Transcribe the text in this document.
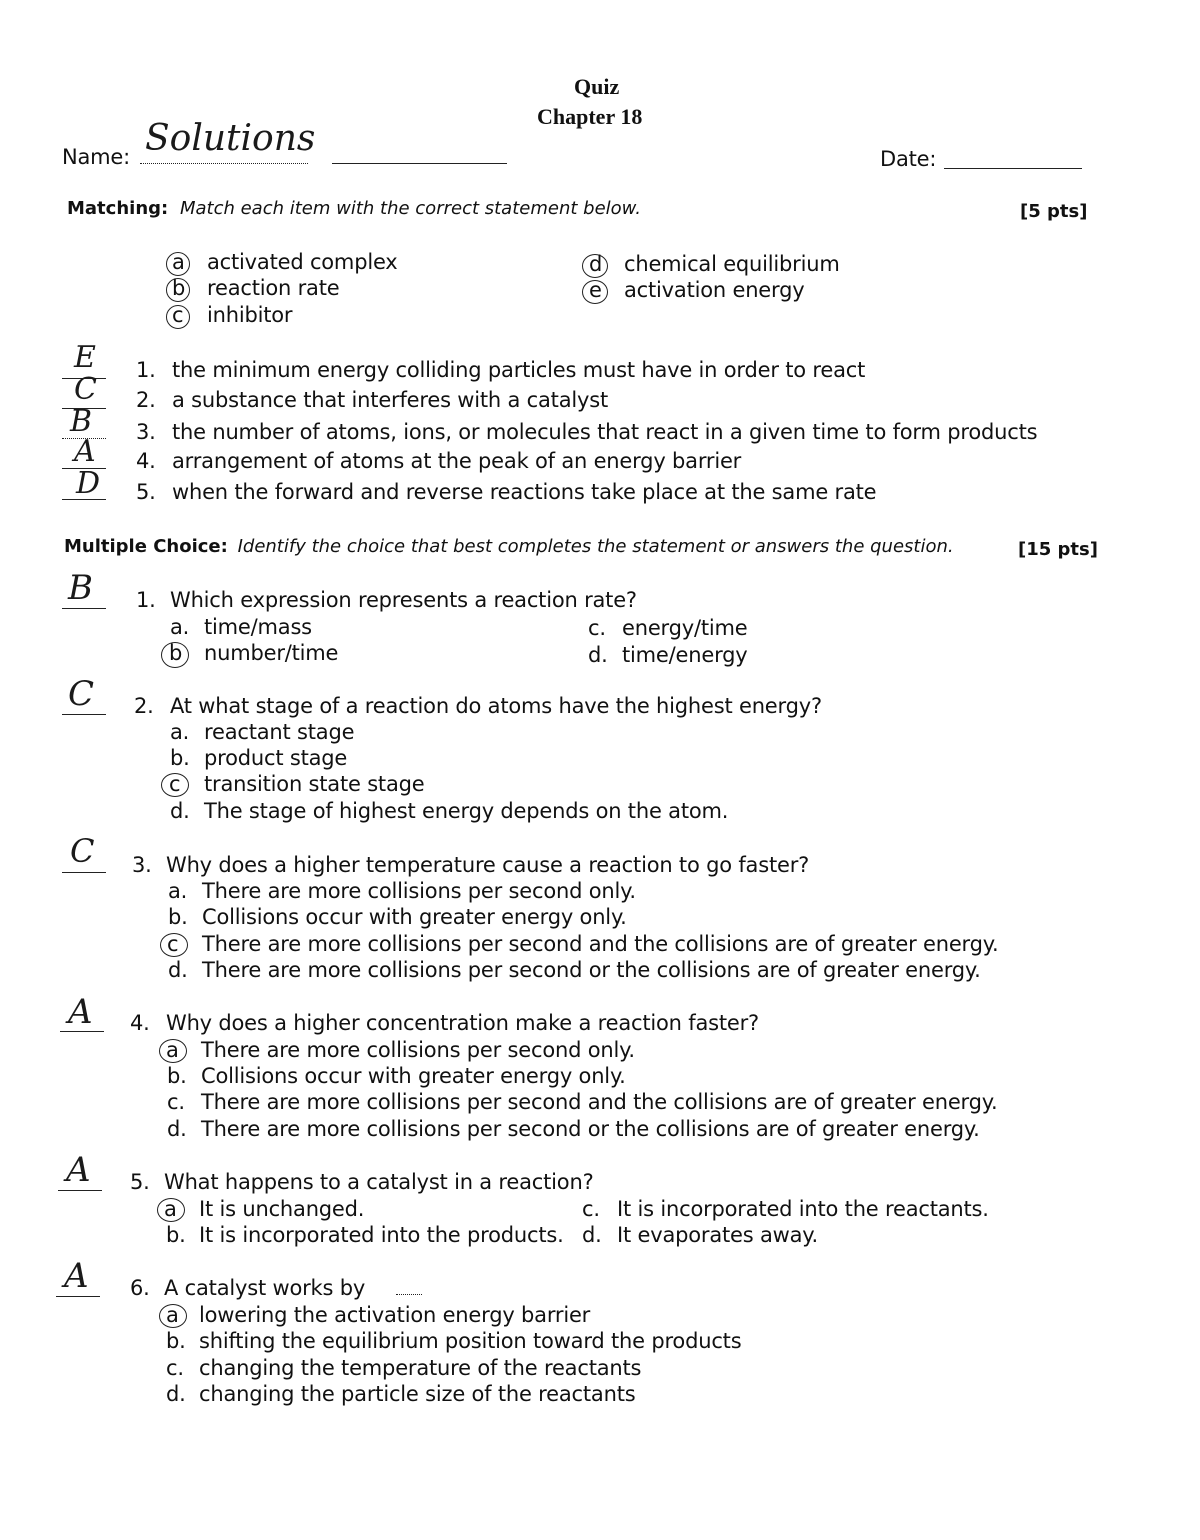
Quiz
Chapter 18
Name: Solutions	Date:
Matching: Match each item with the correct statement below.	[5 pts]
a activated complex
b reaction rate
c inhibitor
d chemical equilibrium
e activation energy
E 1. the minimum energy colliding particles must have in order to react
C 2. a substance that interferes with a catalyst
B 3. the number of atoms, ions, or molecules that react in a given time to form products
A 4. arrangement of atoms at the peak of an energy barrier
D 5. when the forward and reverse reactions take place at the same rate
Multiple Choice: Identify the choice that best completes the statement or answers the question.	[15 pts]
B 1. Which expression represents a reaction rate?
a. time/mass
b number/time
c. energy/time
d. time/energy
C 2. At what stage of a reaction do atoms have the highest energy?
a. reactant stage
b. product stage
c transition state stage
d. The stage of highest energy depends on the atom.
C 3. Why does a higher temperature cause a reaction to go faster?
a. There are more collisions per second only.
b. Collisions occur with greater energy only.
c There are more collisions per second and the collisions are of greater energy.
d. There are more collisions per second or the collisions are of greater energy.
A 4. Why does a higher concentration make a reaction faster?
a There are more collisions per second only.
b. Collisions occur with greater energy only.
c. There are more collisions per second and the collisions are of greater energy.
d. There are more collisions per second or the collisions are of greater energy.
A 5. What happens to a catalyst in a reaction?
a It is unchanged.
b. It is incorporated into the products.
c. It is incorporated into the reactants.
d. It evaporates away.
A 6. A catalyst works by
a lowering the activation energy barrier
b. shifting the equilibrium position toward the products
c. changing the temperature of the reactants
d. changing the particle size of the reactants
